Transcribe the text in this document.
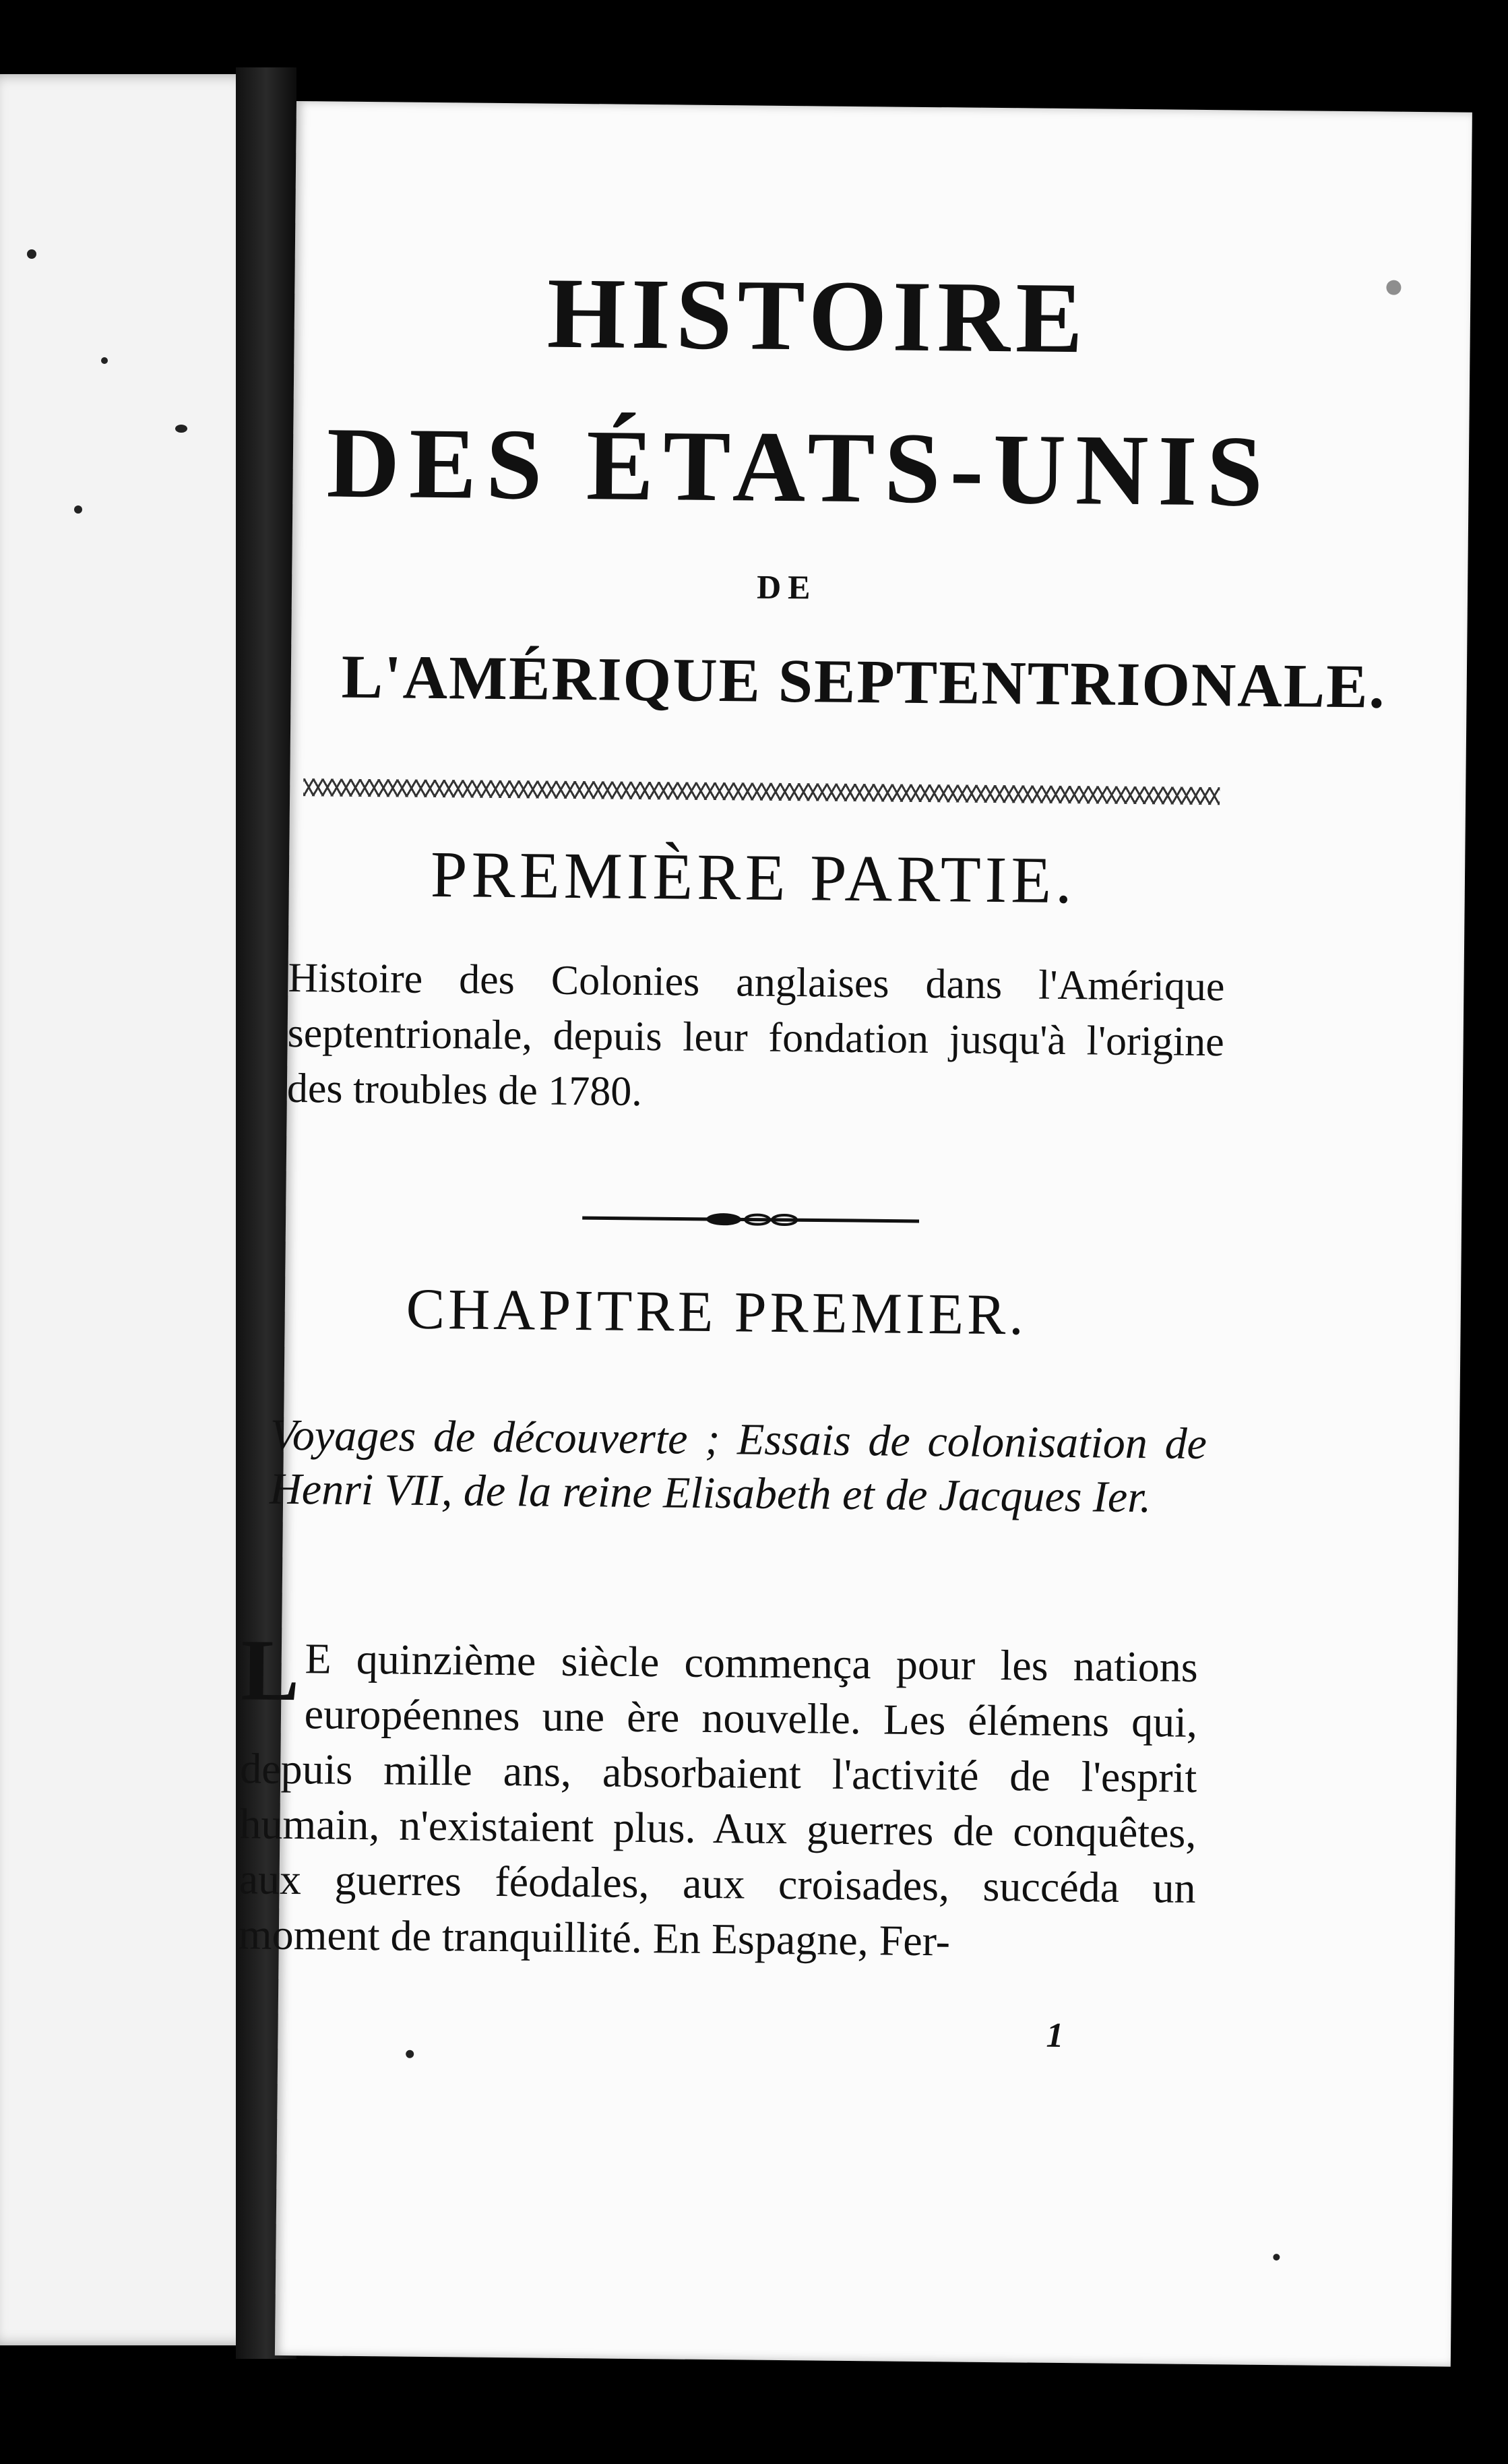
HISTOIRE
DES ÉTATS-UNIS
DE
L'AMÉRIQUE SEPTENTRIONALE.
PREMIÈRE PARTIE.
Histoire des Colonies anglaises dans l'Amérique septentrionale, depuis leur fondation jusqu'à l'origine des troubles de 1780.
CHAPITRE PREMIER.
Voyages de découverte ; Essais de colonisation de Henri VII, de la reine Elisabeth et de Jacques Ier.
L E quinzième siècle commença pour les nations européennes une ère nouvelle. Les élémens qui, depuis mille ans, absorbaient l'activité de l'esprit humain, n'existaient plus. Aux guerres de conquêtes, aux guerres féodales, aux croisades, succéda un moment de tranquillité. En Espagne, Fer-
1
